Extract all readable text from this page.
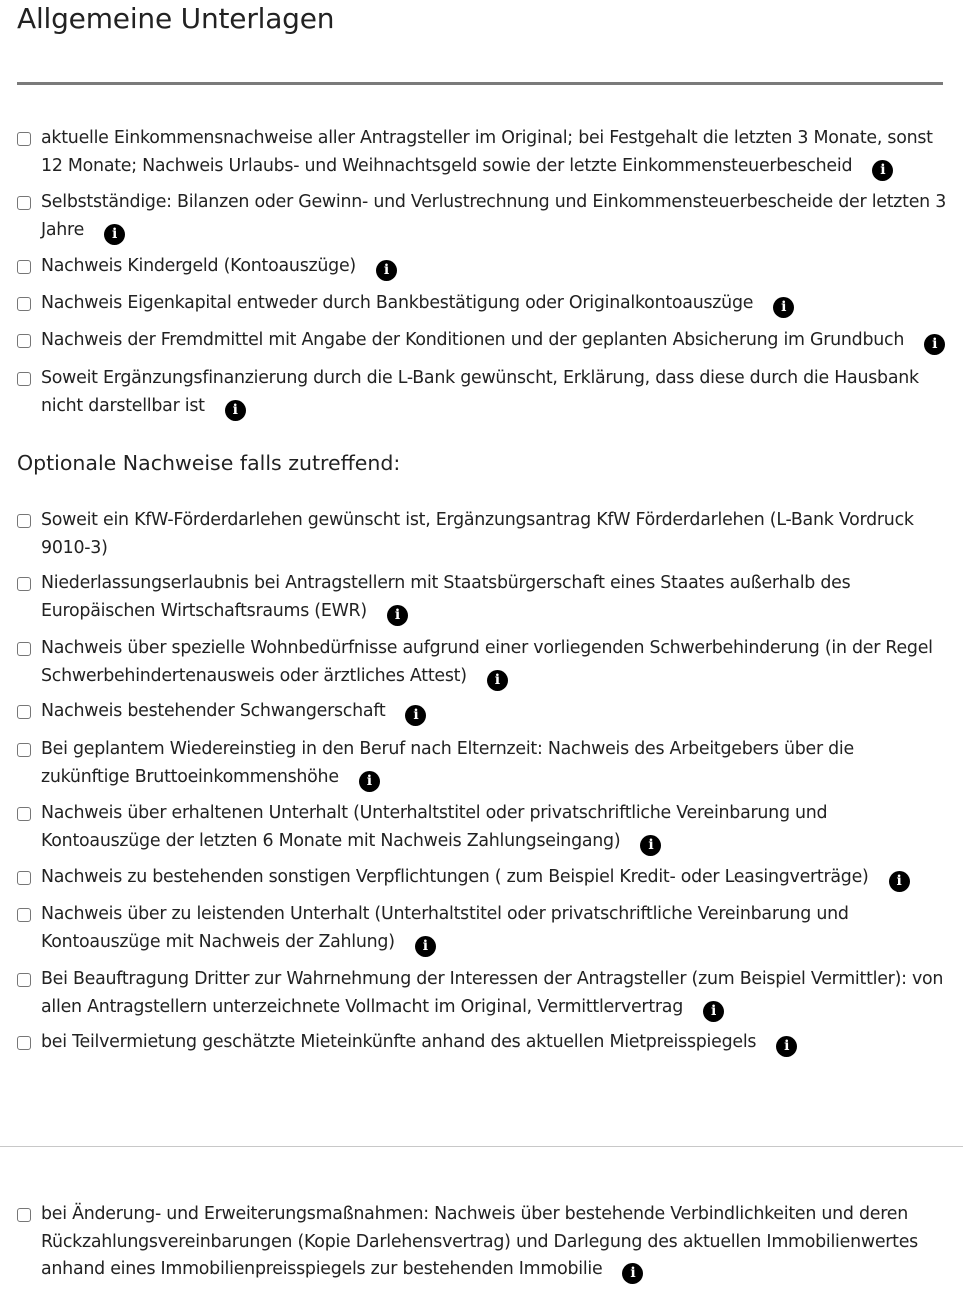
Allgemeine Unterlagen
aktuelle Einkommensnachweise aller Antragsteller im Original; bei Festgehalt die letzten 3 Monate, sonst 12 Monate; Nachweis Urlaubs- und Weihnachtsgeld sowie der letzte Einkommensteuerbescheid i
Selbstständige: Bilanzen oder Gewinn- und Verlustrechnung und Einkommensteuerbescheide der letzten 3 Jahre i
Nachweis Kindergeld (Kontoauszüge) i
Nachweis Eigenkapital entweder durch Bankbestätigung oder Originalkontoauszüge i
Nachweis der Fremdmittel mit Angabe der Konditionen und der geplanten Absicherung im Grundbuch i
Soweit Ergänzungsfinanzierung durch die L-Bank gewünscht, Erklärung, dass diese durch die Hausbank nicht darstellbar ist i
Optionale Nachweise falls zutreffend:
Soweit ein KfW-Förderdarlehen gewünscht ist, Ergänzungsantrag KfW Förderdarlehen (L-Bank Vordruck 9010-3)
Niederlassungserlaubnis bei Antragstellern mit Staatsbürgerschaft eines Staates außerhalb des Europäischen Wirtschaftsraums (EWR) i
Nachweis über spezielle Wohnbedürfnisse aufgrund einer vorliegenden Schwerbehinderung (in der Regel Schwerbehindertenausweis oder ärztliches Attest) i
Nachweis bestehender Schwangerschaft i
Bei geplantem Wiedereinstieg in den Beruf nach Elternzeit: Nachweis des Arbeitgebers über die zukünftige Bruttoeinkommenshöhe i
Nachweis über erhaltenen Unterhalt (Unterhaltstitel oder privatschriftliche Vereinbarung und Kontoauszüge der letzten 6 Monate mit Nachweis Zahlungseingang) i
Nachweis zu bestehenden sonstigen Verpflichtungen ( zum Beispiel Kredit- oder Leasingverträge) i
Nachweis über zu leistenden Unterhalt (Unterhaltstitel oder privatschriftliche Vereinbarung und Kontoauszüge mit Nachweis der Zahlung) i
Bei Beauftragung Dritter zur Wahrnehmung der Interessen der Antragsteller (zum Beispiel Vermittler): von allen Antragstellern unterzeichnete Vollmacht im Original, Vermittlervertrag i
bei Teilvermietung geschätzte Mieteinkünfte anhand des aktuellen Mietpreisspiegels i
bei Änderung- und Erweiterungsmaßnahmen: Nachweis über bestehende Verbindlichkeiten und deren Rückzahlungsvereinbarungen (Kopie Darlehensvertrag) und Darlegung des aktuellen Immobilienwertes anhand eines Immobilienpreisspiegels zur bestehenden Immobilie i
